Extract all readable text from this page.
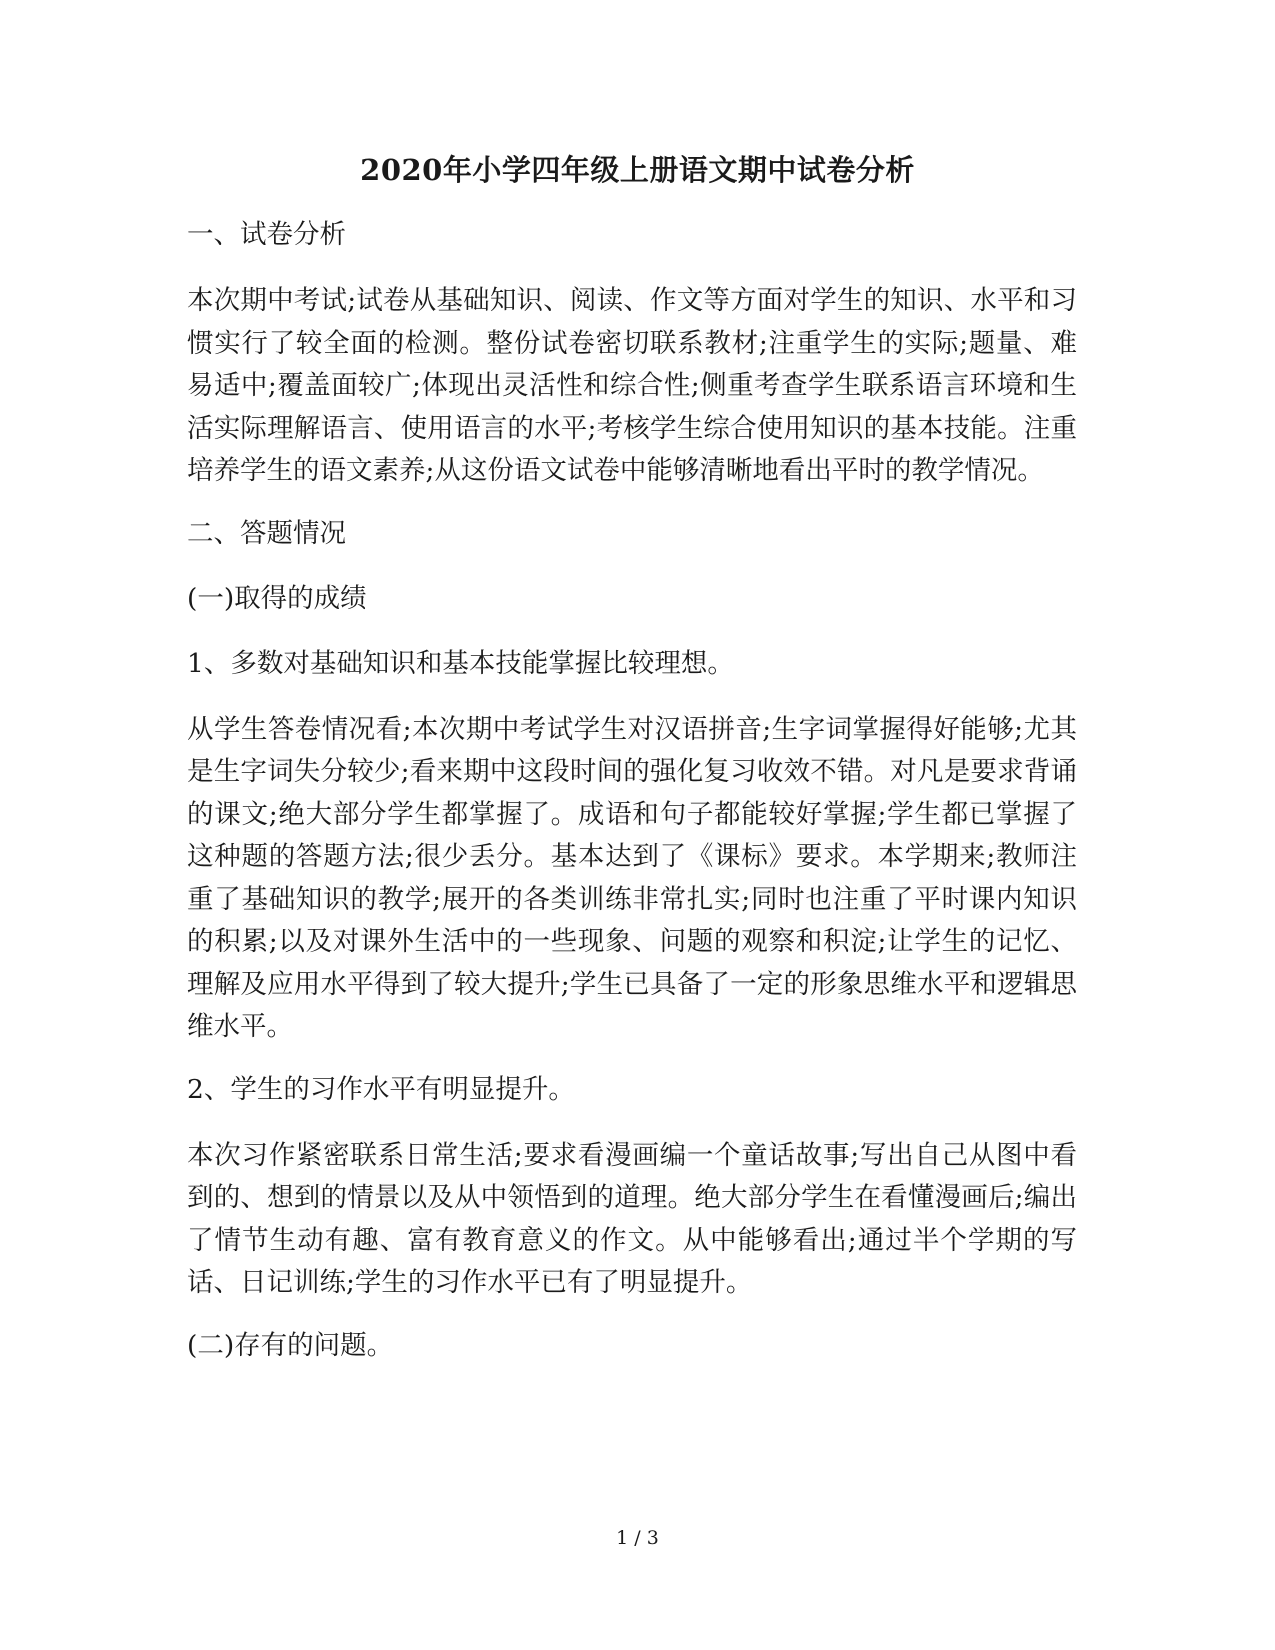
2020年小学四年级上册语文期中试卷分析
一、试卷分析
本次期中考试;试卷从基础知识、阅读、作文等方面对学生的知识、水平和习惯实行了较全面的检测。整份试卷密切联系教材;注重学生的实际;题量、难易适中;覆盖面较广;体现出灵活性和综合性;侧重考查学生联系语言环境和生活实际理解语言、使用语言的水平;考核学生综合使用知识的基本技能。注重培养学生的语文素养;从这份语文试卷中能够清晰地看出平时的教学情况。
二、答题情况
(一)取得的成绩
1、多数对基础知识和基本技能掌握比较理想。
从学生答卷情况看;本次期中考试学生对汉语拼音;生字词掌握得好能够;尤其是生字词失分较少;看来期中这段时间的强化复习收效不错。对凡是要求背诵的课文;绝大部分学生都掌握了。成语和句子都能较好掌握;学生都已掌握了这种题的答题方法;很少丢分。基本达到了《课标》要求。本学期来;教师注重了基础知识的教学;展开的各类训练非常扎实;同时也注重了平时课内知识的积累;以及对课外生活中的一些现象、问题的观察和积淀;让学生的记忆、理解及应用水平得到了较大提升;学生已具备了一定的形象思维水平和逻辑思维水平。
2、学生的习作水平有明显提升。
本次习作紧密联系日常生活;要求看漫画编一个童话故事;写出自己从图中看到的、想到的情景以及从中领悟到的道理。绝大部分学生在看懂漫画后;编出了情节生动有趣、富有教育意义的作文。从中能够看出;通过半个学期的写话、日记训练;学生的习作水平已有了明显提升。
(二)存有的问题。
1 / 3
